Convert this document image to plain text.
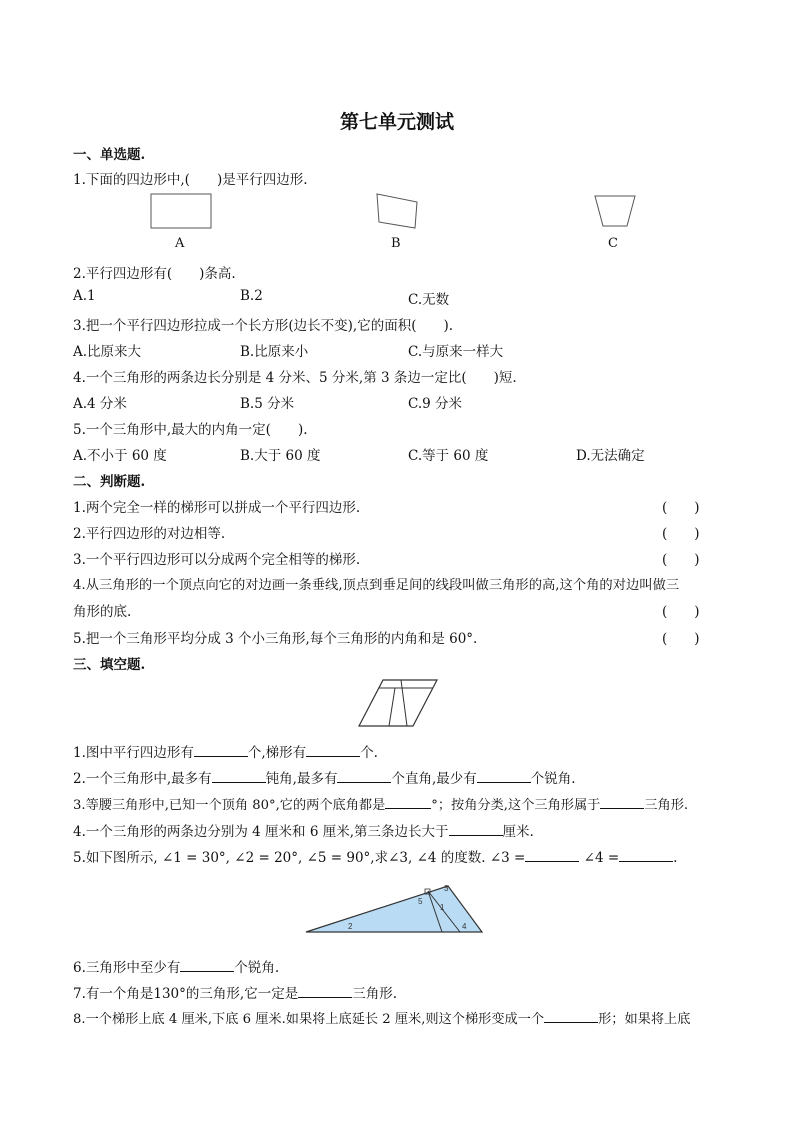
第七单元测试
一、单选题.
1.下面的四边形中,(　　)是平行四边形.
A	B	C
2.平行四边形有(　　)条高.
A.1	B.2	C.无数
3.把一个平行四边形拉成一个长方形(边长不变),它的面积(　　).
A.比原来大	B.比原来小	C.与原来一样大
4.一个三角形的两条边长分别是 4 分米、5 分米,第 3 条边一定比(　　)短.
A.4 分米	B.5 分米	C.9 分米
5.一个三角形中,最大的内角一定(　　).
A.不小于 60 度	B.大于 60 度	C.等于 60 度	D.无法确定
二、判断题.
1.两个完全一样的梯形可以拼成一个平行四边形.	(　　)
2.平行四边形的对边相等.	(　　)
3.一个平行四边形可以分成两个完全相等的梯形.	(　　)
4.从三角形的一个顶点向它的对边画一条垂线,顶点到垂足间的线段叫做三角形的高,这个角的对边叫做三
角形的底.	(　　)
5.把一个三角形平均分成 3 个小三角形,每个三角形的内角和是 60°.	(　　)
三、填空题.
1.图中平行四边形有	个,梯形有	个.
2.一个三角形中,最多有	钝角,最多有	个直角,最少有	个锐角.
3.等腰三角形中,已知一个顶角 80°,它的两个底角都是	°；按角分类,这个三角形属于	三角形.
4.一个三角形的两条边分别为 4 厘米和 6 厘米,第三条边长大于	厘米.
5.如下图所示, ∠1 = 30°, ∠2 = 20°, ∠5 = 90°,求∠3, ∠4 的度数. ∠3 =	∠4 =	.
1
2
3
4
5
6.三角形中至少有	个锐角.
7.有一个角是130°的三角形,它一定是	三角形.
8.一个梯形上底 4 厘米,下底 6 厘米.如果将上底延长 2 厘米,则这个梯形变成一个	形；如果将上底
